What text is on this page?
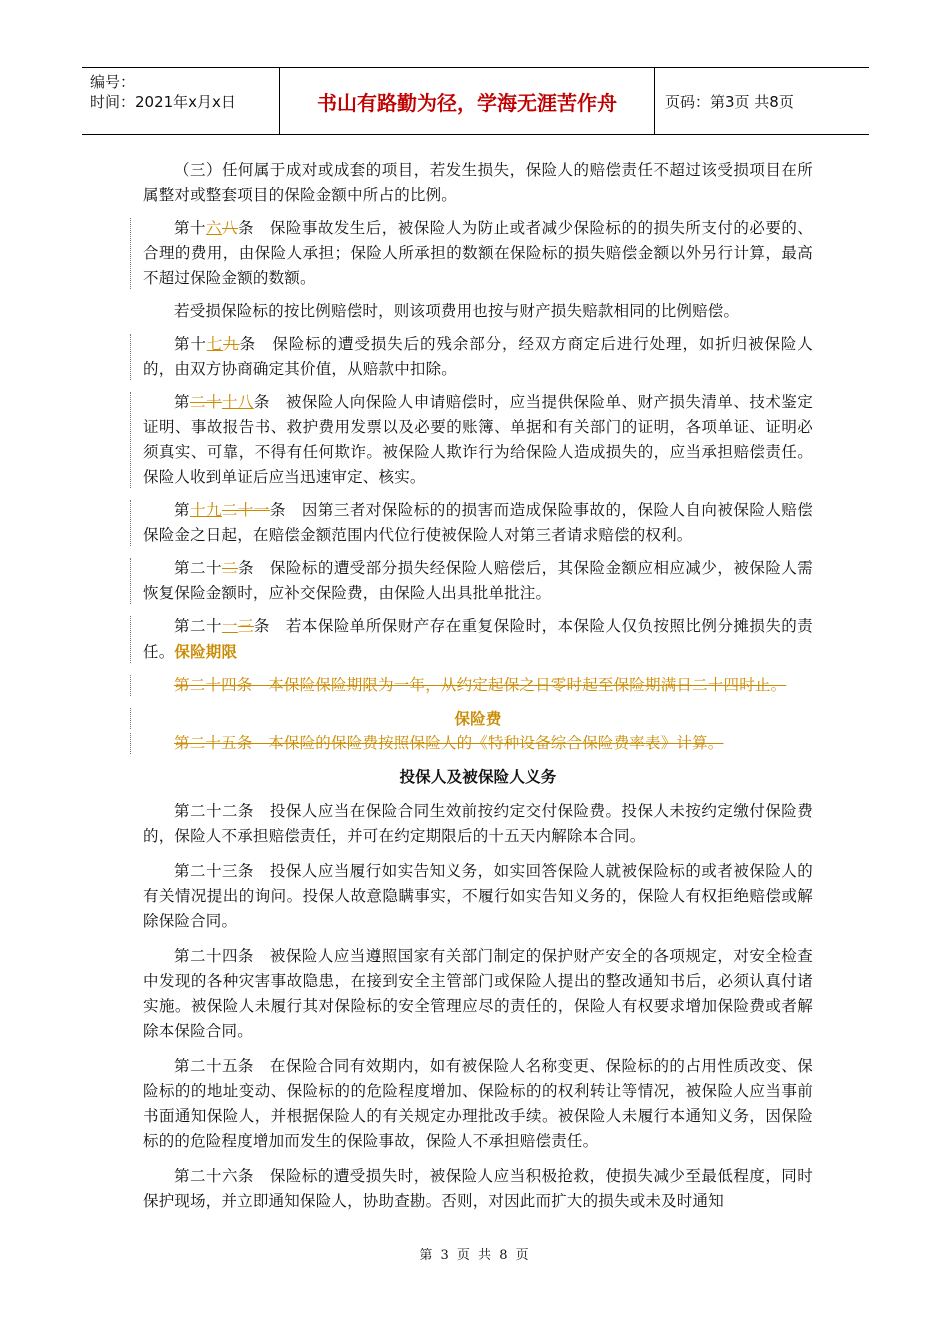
编号：
时间：2021年x月x日	书山有路勤为径，学海无涯苦作舟	页码：第3页 共8页

（三）任何属于成对或成套的项目，若发生损失，保险人的赔偿责任不超过该受损项目在所属整对或整套项目的保险金额中所占的比例。

第十六八条　保险事故发生后，被保险人为防止或者减少保险标的的损失所支付的必要的、合理的费用，由保险人承担；保险人所承担的数额在保险标的损失赔偿金额以外另行计算，最高不超过保险金额的数额。

若受损保险标的按比例赔偿时，则该项费用也按与财产损失赔款相同的比例赔偿。

第十七九条　保险标的遭受损失后的残余部分，经双方商定后进行处理，如折归被保险人的，由双方协商确定其价值，从赔款中扣除。

第二十十八条　被保险人向保险人申请赔偿时，应当提供保险单、财产损失清单、技术鉴定证明、事故报告书、救护费用发票以及必要的账簿、单据和有关部门的证明，各项单证、证明必须真实、可靠，不得有任何欺诈。被保险人欺诈行为给保险人造成损失的，应当承担赔偿责任。保险人收到单证后应当迅速审定、核实。

第十九二十一条　因第三者对保险标的的损害而造成保险事故的，保险人自向被保险人赔偿保险金之日起，在赔偿金额范围内代位行使被保险人对第三者请求赔偿的权利。

第二十二条　保险标的遭受部分损失经保险人赔偿后，其保险金额应相应减少，被保险人需恢复保险金额时，应补交保险费，由保险人出具批单批注。

第二十一三条　若本保险单所保财产存在重复保险时，本保险人仅负按照比例分摊损失的责任。保险期限

第二十四条　本保险保险期限为一年，从约定起保之日零时起至保险期满日二十四时止。

保险费

第二十五条　本保险的保险费按照保险人的《特种设备综合保险费率表》计算。

投保人及被保险人义务

第二十二条　投保人应当在保险合同生效前按约定交付保险费。投保人未按约定缴付保险费的，保险人不承担赔偿责任，并可在约定期限后的十五天内解除本合同。

第二十三条　投保人应当履行如实告知义务，如实回答保险人就被保险标的或者被保险人的有关情况提出的询问。投保人故意隐瞒事实，不履行如实告知义务的，保险人有权拒绝赔偿或解除保险合同。

第二十四条　被保险人应当遵照国家有关部门制定的保护财产安全的各项规定，对安全检查中发现的各种灾害事故隐患，在接到安全主管部门或保险人提出的整改通知书后，必须认真付诸实施。被保险人未履行其对保险标的安全管理应尽的责任的，保险人有权要求增加保险费或者解除本保险合同。

第二十五条　在保险合同有效期内，如有被保险人名称变更、保险标的的占用性质改变、保险标的的地址变动、保险标的的危险程度增加、保险标的的权利转让等情况，被保险人应当事前书面通知保险人，并根据保险人的有关规定办理批改手续。被保险人未履行本通知义务，因保险标的的危险程度增加而发生的保险事故，保险人不承担赔偿责任。

第二十六条　保险标的遭受损失时，被保险人应当积极抢救，使损失减少至最低程度，同时保护现场，并立即通知保险人，协助查勘。否则，对因此而扩大的损失或未及时通知

第 3 页 共 8 页
